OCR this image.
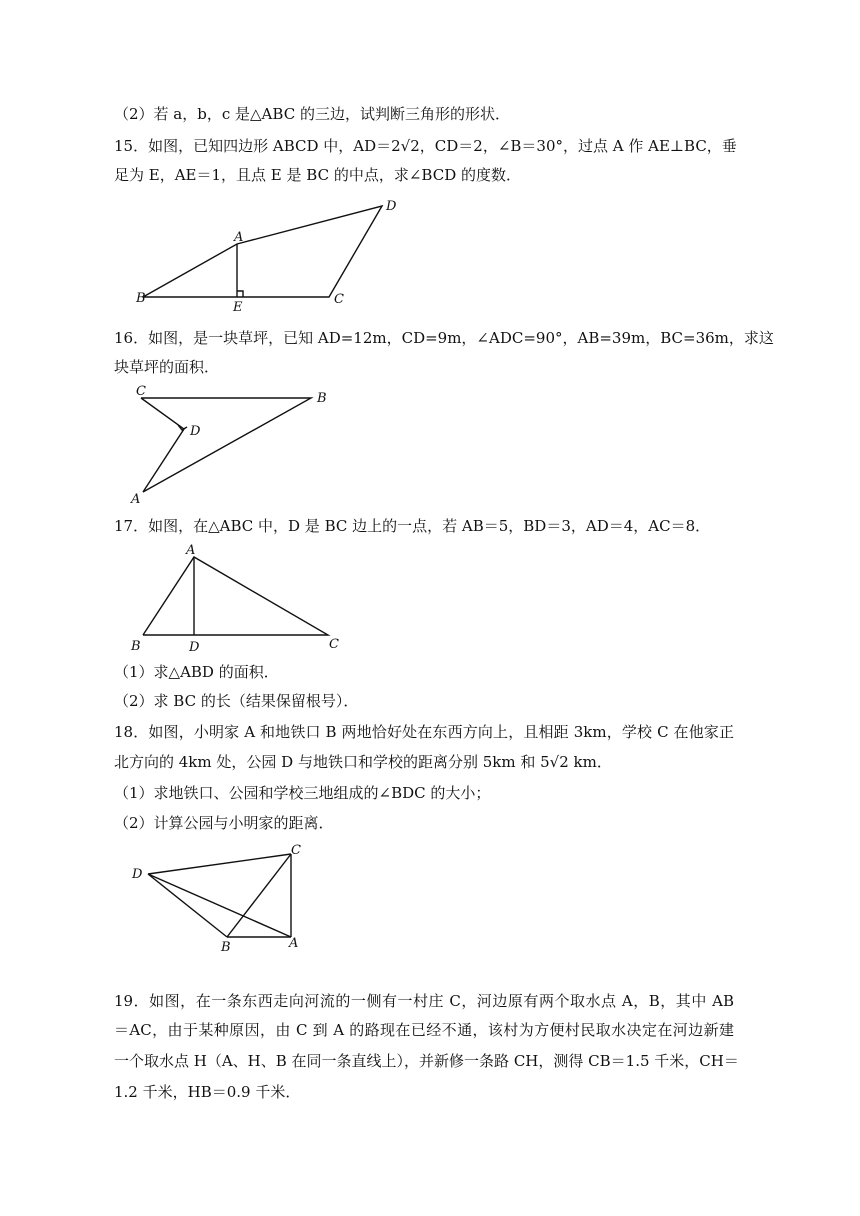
（2）若 a，b，c 是△ABC 的三边，试判断三角形的形状．
15．如图，已知四边形 ABCD 中，AD＝2√2，CD＝2，∠B＝30°，过点 A 作 AE⊥BC，垂
足为 E，AE＝1，且点 E 是 BC 的中点，求∠BCD 的度数．
A
B	C
D
E
16．如图，是一块草坪，已知 AD=12m，CD=9m，∠ADC=90°，AB=39m，BC=36m，求这
块草坪的面积．
C	B
D
A
17．如图，在△ABC 中，D 是 BC 边上的一点，若 AB＝5，BD＝3，AD＝4，AC＝8．
A
B	D	C
（1）求△ABD 的面积．
（2）求 BC 的长（结果保留根号）．
18．如图，小明家 A 和地铁口 B 两地恰好处在东西方向上，且相距 3km，学校 C 在他家正
北方向的 4km 处，公园 D 与地铁口和学校的距离分别 5km 和 5√2 km．
（1）求地铁口、公园和学校三地组成的∠BDC 的大小；
（2）计算公园与小明家的距离．
D
C
B	A
19．如图，在一条东西走向河流的一侧有一村庄 C，河边原有两个取水点 A，B，其中 AB
＝AC，由于某种原因，由 C 到 A 的路现在已经不通，该村为方便村民取水决定在河边新建
一个取水点 H（A、H、B 在同一条直线上），并新修一条路 CH，测得 CB＝1.5 千米，CH＝
1.2 千米，HB＝0.9 千米．
